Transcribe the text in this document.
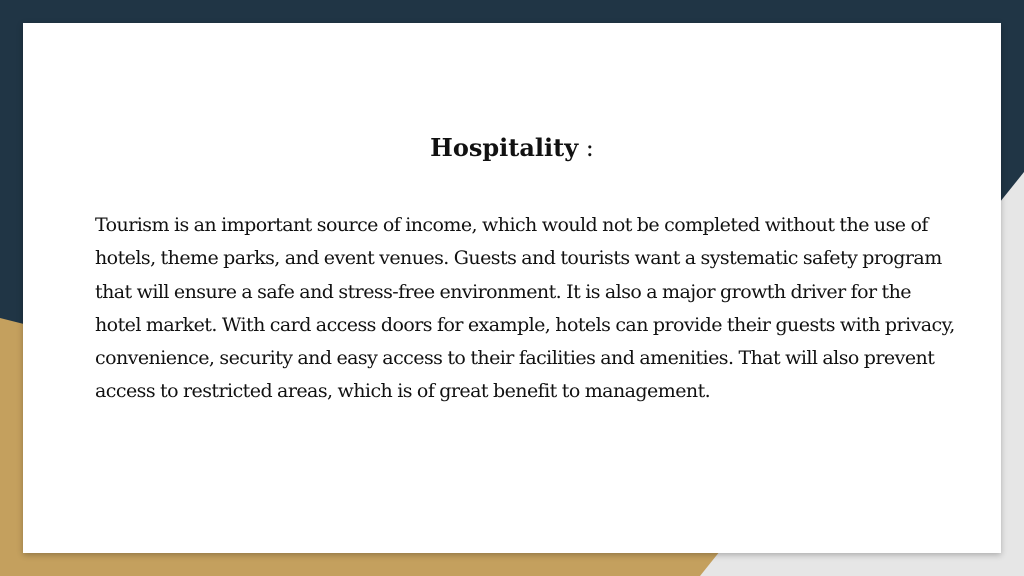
Hospitality :

Tourism is an important source of income, which would not be completed without the use of hotels, theme parks, and event venues. Guests and tourists want a systematic safety program that will ensure a safe and stress-free environment. It is also a major growth driver for the hotel market. With card access doors for example, hotels can provide their guests with privacy, convenience, security and easy access to their facilities and amenities. That will also prevent access to restricted areas, which is of great benefit to management.
